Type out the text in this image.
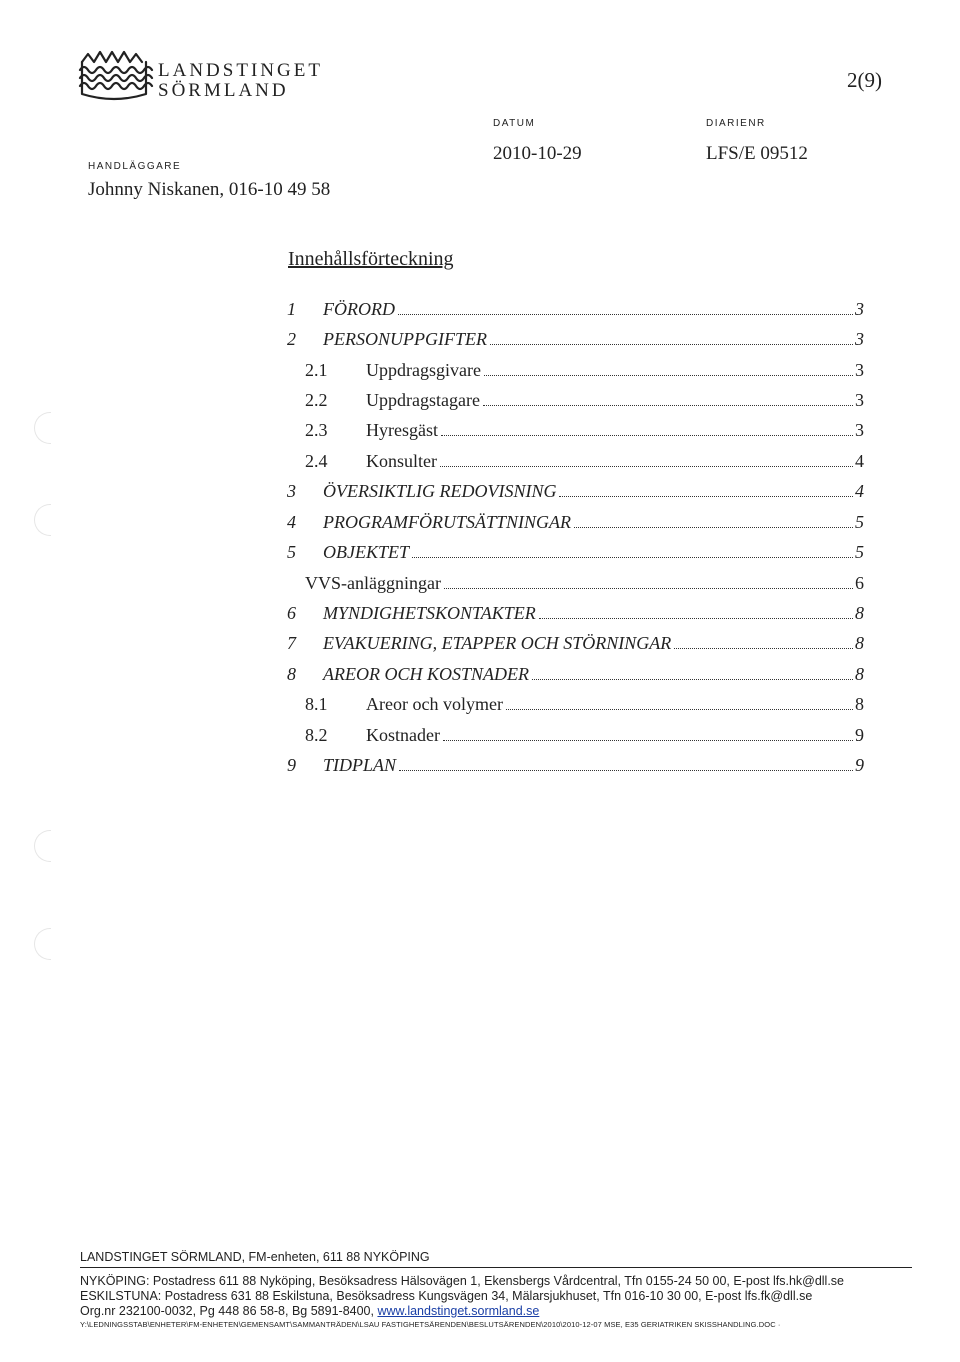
LANDSTINGET
SÖRMLAND	2(9)
DATUM	DIARIENR
2010-10-29	LFS/E 09512
HANDLÄGGARE
Johnny Niskanen, 016-10 49 58
Innehållsförteckning
1 FÖRORD	3
2 PERSONUPPGIFTER	3
2.1 Uppdragsgivare	3
2.2 Uppdragstagare	3
2.3 Hyresgäst	3
2.4 Konsulter	4
3 ÖVERSIKTLIG REDOVISNING	4
4 PROGRAMFÖRUTSÄTTNINGAR	5
5 OBJEKTET	5
VVS-anläggningar	6
6 MYNDIGHETSKONTAKTER	8
7 EVAKUERING, ETAPPER OCH STÖRNINGAR	8
8 AREOR OCH KOSTNADER	8
8.1 Areor och volymer	8
8.2 Kostnader	9
9 TIDPLAN	9
LANDSTINGET SÖRMLAND, FM-enheten, 611 88 NYKÖPING
NYKÖPING: Postadress 611 88 Nyköping, Besöksadress Hälsovägen 1, Ekensbergs Vårdcentral, Tfn 0155-24 50 00, E-post lfs.hk@dll.se
ESKILSTUNA: Postadress 631 88 Eskilstuna, Besöksadress Kungsvägen 34, Mälarsjukhuset, Tfn 016-10 30 00, E-post lfs.fk@dll.se
Org.nr 232100-0032, Pg 448 86 58-8, Bg 5891-8400, www.landstinget.sormland.se
Y:\LEDNINGSSTAB\ENHETER\FM-ENHETEN\GEMENSAMT\SAMMANTRÄDEN\LSAU FASTIGHETSÄRENDEN\BESLUTSÄRENDEN\2010\2010-12-07 MSE, E35 GERIATRIKEN SKISSHANDLING.DOC ·
